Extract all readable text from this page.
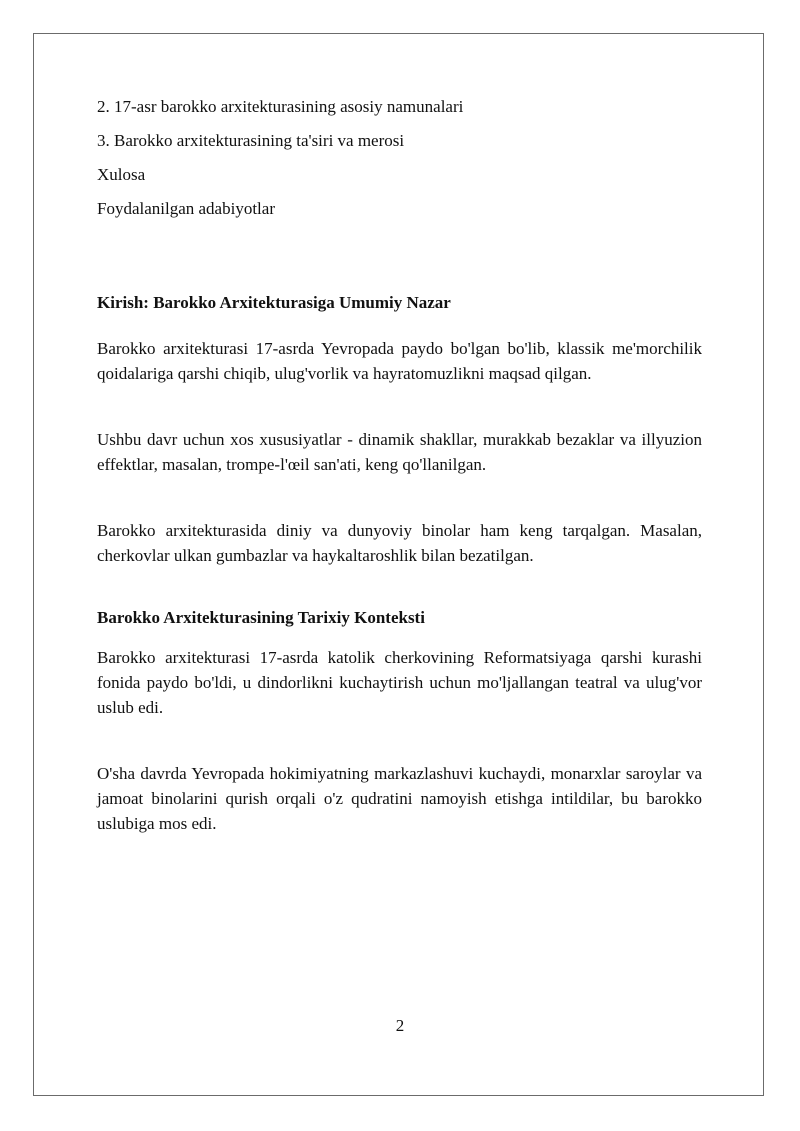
2. 17-asr barokko arxitekturasining asosiy namunalari

3. Barokko arxitekturasining ta'siri va merosi

Xulosa

Foydalanilgan adabiyotlar

Kirish: Barokko Arxitekturasiga Umumiy Nazar

Barokko arxitekturasi 17-asrda Yevropada paydo bo'lgan bo'lib, klassik me'morchilik qoidalariga qarshi chiqib, ulug'vorlik va hayratomuzlikni maqsad qilgan.

Ushbu davr uchun xos xususiyatlar - dinamik shakllar, murakkab bezaklar va illyuzion effektlar, masalan, trompe-l'œil san'ati, keng qo'llanilgan.

Barokko arxitekturasida diniy va dunyoviy binolar ham keng tarqalgan. Masalan, cherkovlar ulkan gumbazlar va haykaltaroshlik bilan bezatilgan.

Barokko Arxitekturasining Tarixiy Konteksti

Barokko arxitekturasi 17-asrda katolik cherkovining Reformatsiyaga qarshi kurashi fonida paydo bo'ldi, u dindorlikni kuchaytirish uchun mo'ljallangan teatral va ulug'vor uslub edi.

O'sha davrda Yevropada hokimiyatning markazlashuvi kuchaydi, monarxlar saroylar va jamoat binolarini qurish orqali o'z qudratini namoyish etishga intildilar, bu barokko uslubiga mos edi.

2
